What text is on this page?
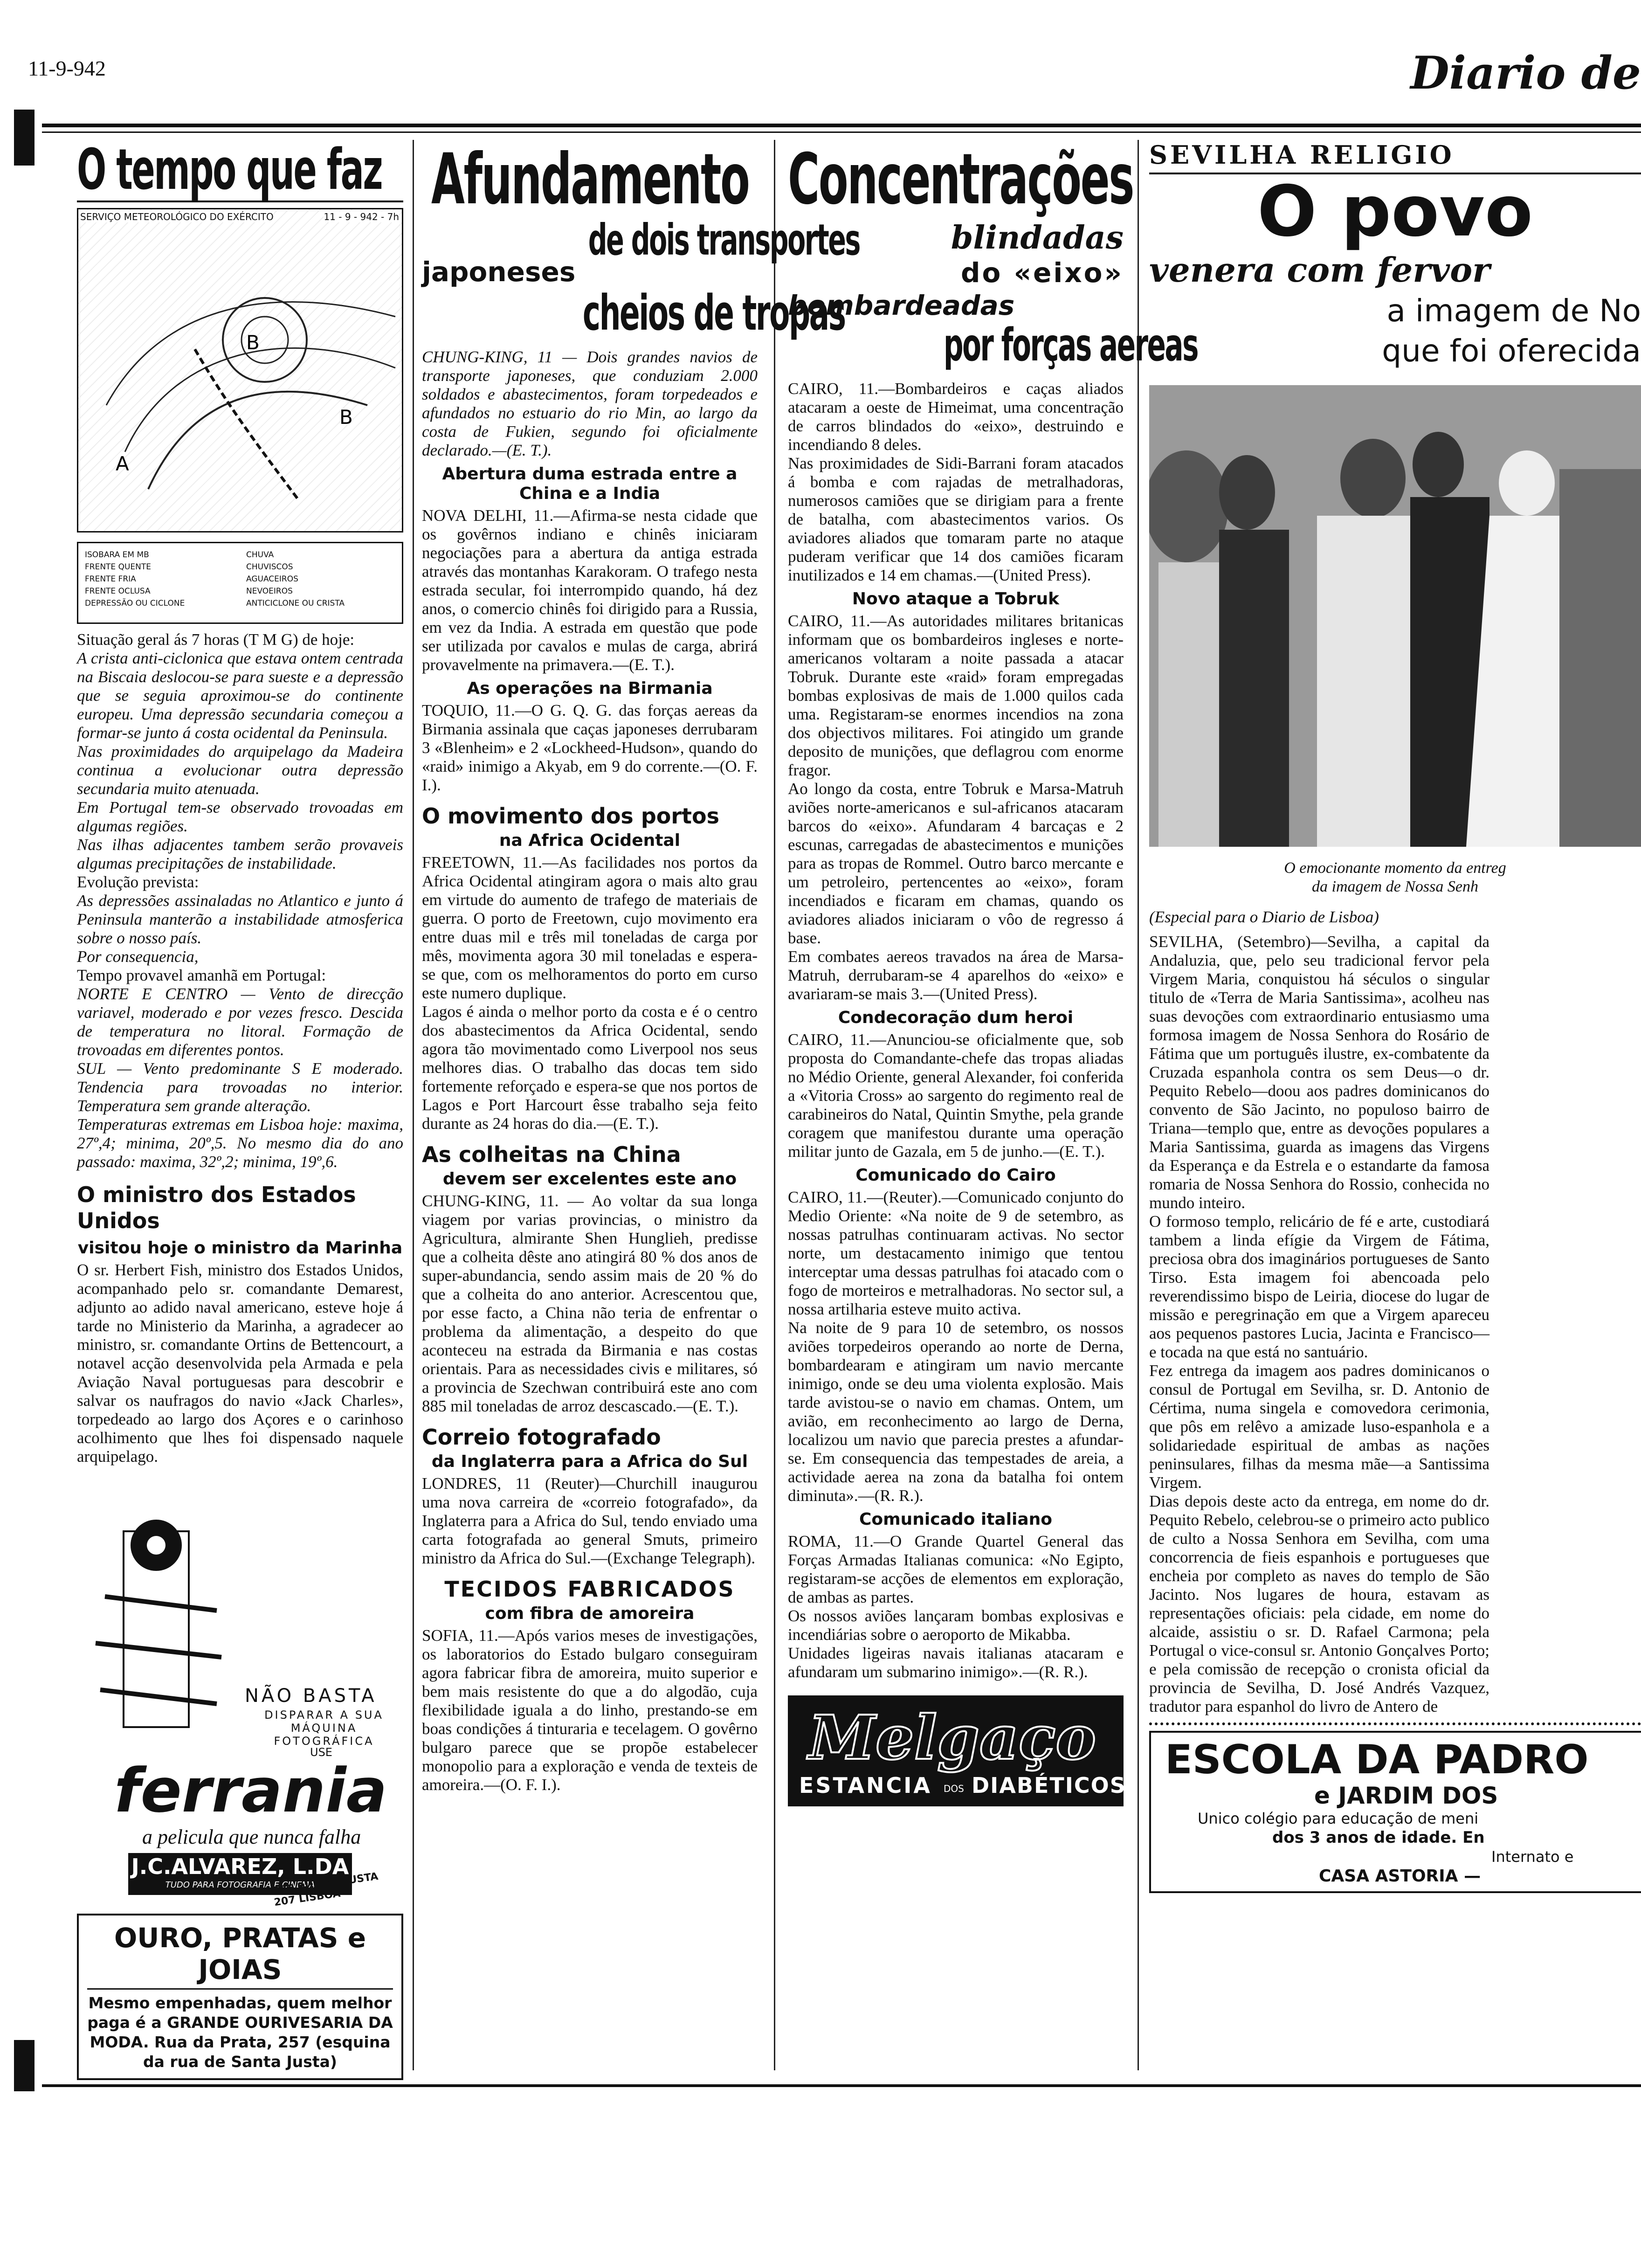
11-9-942	Diario de
O tempo que faz
SERVIÇO METEOROLÓGICO DO EXÉRCITO	11 - 9 - 942 - 7h
B
A
B
ISOBARA EM MB
FRENTE QUENTE
FRENTE FRIA
FRENTE OCLUSA
DEPRESSÃO OU CICLONE
CHUVA
CHUVISCOS
AGUACEIROS
NEVOEIROS
ANTICICLONE OU CRISTA

Situação geral ás 7 horas (T M G) de hoje:

A crista anti-ciclonica que estava ontem centrada na Biscaia deslocou-se para sueste e a depressão que se seguia aproximou-se do continente europeu. Uma depressão secundaria começou a formar-se junto á costa ocidental da Peninsula.

Nas proximidades do arquipelago da Madeira continua a evolucionar outra depressão secundaria muito atenuada.

Em Portugal tem-se observado trovoadas em algumas regiões.

Nas ilhas adjacentes tambem serão provaveis algumas precipitações de instabilidade.

Evolução prevista:

As depressões assinaladas no Atlantico e junto á Peninsula manterão a instabilidade atmosferica sobre o nosso país.

Por consequencia,

Tempo provavel amanhã em Portugal:

NORTE E CENTRO — Vento de direcção variavel, moderado e por vezes fresco. Descida de temperatura no litoral. Formação de trovoadas em diferentes pontos.

SUL — Vento predominante S E moderado. Tendencia para trovoadas no interior. Temperatura sem grande alteração.

Temperaturas extremas em Lisboa hoje: maxima, 27º,4; minima, 20º,5. No mesmo dia do ano passado: maxima, 32º,2; minima, 19º,6.

O ministro dos Estados Unidos
visitou hoje o ministro da Marinha

O sr. Herbert Fish, ministro dos Estados Unidos, acompanhado pelo sr. comandante Demarest, adjunto ao adido naval americano, esteve hoje á tarde no Ministerio da Marinha, a agradecer ao ministro, sr. comandante Ortins de Bettencourt, a notavel acção desenvolvida pela Armada e pela Aviação Naval portuguesas para descobrir e salvar os naufragos do navio «Jack Charles», torpedeado ao largo dos Açores e o carinhoso acolhimento que lhes foi dispensado naquele arquipelago.

NÃO BASTA
DISPARAR A SUA MÁQUINA FOTOGRÁFICA
USE
ferrania
a pelicula que nunca falha
J.C.ALVAREZ, L.DA
TUDO PARA FOTOGRAFIA E CINEMA
205 RUA AUGUSTA 207 LISBOA
OURO, PRATAS e JOIAS
Mesmo empenhadas, quem melhor paga é a GRANDE OURIVESARIA DA MODA. Rua da Prata, 257 (esquina da rua de Santa Justa)
Afundamento
de dois transportes
japoneses
cheios de tropas

CHUNG-KING, 11 — Dois grandes navios de transporte japoneses, que conduziam 2.000 soldados e abastecimentos, foram torpedeados e afundados no estuario do rio Min, ao largo da costa de Fukien, segundo foi oficialmente declarado.—(E. T.).

Abertura duma estrada entre a China e a India

NOVA DELHI, 11.—Afirma-se nesta cidade que os govêrnos indiano e chinês iniciaram negociações para a abertura da antiga estrada através das montanhas Karakoram. O trafego nesta estrada secular, foi interrompido quando, há dez anos, o comercio chinês foi dirigido para a Russia, em vez da India. A estrada em questão que pode ser utilizada por cavalos e mulas de carga, abrirá provavelmente na primavera.—(E. T.).

As operações na Birmania

TOQUIO, 11.—O G. Q. G. das forças aereas da Birmania assinala que caças japoneses derrubaram 3 «Blenheim» e 2 «Lockheed-Hudson», quando do «raid» inimigo a Akyab, em 9 do corrente.—(O. F. I.).

O movimento dos portos
na Africa Ocidental

FREETOWN, 11.—As facilidades nos portos da Africa Ocidental atingiram agora o mais alto grau em virtude do aumento de trafego de materiais de guerra. O porto de Freetown, cujo movimento era entre duas mil e três mil toneladas de carga por mês, movimenta agora 30 mil toneladas e espera-se que, com os melhoramentos do porto em curso este numero duplique.

Lagos é ainda o melhor porto da costa e é o centro dos abastecimentos da Africa Ocidental, sendo agora tão movimentado como Liverpool nos seus melhores dias. O trabalho das docas tem sido fortemente reforçado e espera-se que nos portos de Lagos e Port Harcourt êsse trabalho seja feito durante as 24 horas do dia.—(E. T.).

As colheitas na China
devem ser excelentes este ano

CHUNG-KING, 11. — Ao voltar da sua longa viagem por varias provincias, o ministro da Agricultura, almirante Shen Hunglieh, predisse que a colheita dêste ano atingirá 80 % dos anos de super-abundancia, sendo assim mais de 20 % do que a colheita do ano anterior. Acrescentou que, por esse facto, a China não teria de enfrentar o problema da alimentação, a despeito do que aconteceu na estrada da Birmania e nas costas orientais. Para as necessidades civis e militares, só a provincia de Szechwan contribuirá este ano com 885 mil toneladas de arroz descascado.—(E. T.).

Correio fotografado
da Inglaterra para a Africa do Sul

LONDRES, 11 (Reuter)—Churchill inaugurou uma nova carreira de «correio fotografado», da Inglaterra para a Africa do Sul, tendo enviado uma carta fotografada ao general Smuts, primeiro ministro da Africa do Sul.—(Exchange Telegraph).

TECIDOS FABRICADOS
com fibra de amoreira

SOFIA, 11.—Após varios meses de investigações, os laboratorios do Estado bulgaro conseguiram agora fabricar fibra de amoreira, muito superior e bem mais resistente do que a do algodão, cuja flexibilidade iguala a do linho, prestando-se em boas condições á tinturaria e tecelagem. O govêrno bulgaro parece que se propõe estabelecer monopolio para a exploração e venda de texteis de amoreira.—(O. F. I.).

Concentrações
blindadas
do «eixo»
bombardeadas
por forças aereas

CAIRO, 11.—Bombardeiros e caças aliados atacaram a oeste de Himeimat, uma concentração de carros blindados do «eixo», destruindo e incendiando 8 deles.

Nas proximidades de Sidi-Barrani foram atacados á bomba e com rajadas de metralhadoras, numerosos camiões que se dirigiam para a frente de batalha, com abastecimentos varios. Os aviadores aliados que tomaram parte no ataque puderam verificar que 14 dos camiões ficaram inutilizados e 14 em chamas.—(United Press).

Novo ataque a Tobruk

CAIRO, 11.—As autoridades militares britanicas informam que os bombardeiros ingleses e norte-americanos voltaram a noite passada a atacar Tobruk. Durante este «raid» foram empregadas bombas explosivas de mais de 1.000 quilos cada uma. Registaram-se enormes incendios na zona dos objectivos militares. Foi atingido um grande deposito de munições, que deflagrou com enorme fragor.

Ao longo da costa, entre Tobruk e Marsa-Matruh aviões norte-americanos e sul-africanos atacaram barcos do «eixo». Afundaram 4 barcaças e 2 escunas, carregadas de abastecimentos e munições para as tropas de Rommel. Outro barco mercante e um petroleiro, pertencentes ao «eixo», foram incendiados e ficaram em chamas, quando os aviadores aliados iniciaram o vôo de regresso á base.

Em combates aereos travados na área de Marsa-Matruh, derrubaram-se 4 aparelhos do «eixo» e avariaram-se mais 3.—(United Press).

Condecoração dum heroi

CAIRO, 11.—Anunciou-se oficialmente que, sob proposta do Comandante-chefe das tropas aliadas no Médio Oriente, general Alexander, foi conferida a «Vitoria Cross» ao sargento do regimento real de carabineiros do Natal, Quintin Smythe, pela grande coragem que manifestou durante uma operação militar junto de Gazala, em 5 de junho.—(E. T.).

Comunicado do Cairo

CAIRO, 11.—(Reuter).—Comunicado conjunto do Medio Oriente: «Na noite de 9 de setembro, as nossas patrulhas continuaram activas. No sector norte, um destacamento inimigo que tentou interceptar uma dessas patrulhas foi atacado com o fogo de morteiros e metralhadoras. No sector sul, a nossa artilharia esteve muito activa.

Na noite de 9 para 10 de setembro, os nossos aviões torpedeiros operando ao norte de Derna, bombardearam e atingiram um navio mercante inimigo, onde se deu uma violenta explosão. Mais tarde avistou-se o navio em chamas. Ontem, um avião, em reconhecimento ao largo de Derna, localizou um navio que parecia prestes a afundar-se. Em consequencia das tempestades de areia, a actividade aerea na zona da batalha foi ontem diminuta».—(R. R.).

Comunicado italiano

ROMA, 11.—O Grande Quartel General das Forças Armadas Italianas comunica: «No Egipto, registaram-se acções de elementos em exploração, de ambas as partes.

Os nossos aviões lançaram bombas explosivas e incendiárias sobre o aeroporto de Mikabba.

Unidades ligeiras navais italianas atacaram e afundaram um submarino inimigo».—(R. R.).

Melgaço
ESTANCIA DOS DIABÉTICOS
SEVILHA RELIGIO
O povo
venera com fervor
a imagem de No
que foi oferecida
O emocionante momento da entreg
da imagem de Nossa Senh
(Especial para o Diario de Lisboa)

SEVILHA, (Setembro)—Sevilha, a capital da Andaluzia, que, pelo seu tradicional fervor pela Virgem Maria, conquistou há séculos o singular titulo de «Terra de Maria Santissima», acolheu nas suas devoções com extraordinario entusiasmo uma formosa imagem de Nossa Senhora do Rosário de Fátima que um português ilustre, ex-combatente da Cruzada espanhola contra os sem Deus—o dr. Pequito Rebelo—doou aos padres dominicanos do convento de São Jacinto, no populoso bairro de Triana—templo que, entre as devoções populares a Maria Santissima, guarda as imagens das Virgens da Esperança e da Estrela e o estandarte da famosa romaria de Nossa Senhora do Rossio, conhecida no mundo inteiro.

O formoso templo, relicário de fé e arte, custodiará tambem a linda efígie da Virgem de Fátima, preciosa obra dos imaginários portugueses de Santo Tirso. Esta imagem foi abencoada pelo reverendissimo bispo de Leiria, diocese do lugar de missão e peregrinação em que a Virgem apareceu aos pequenos pastores Lucia, Jacinta e Francisco—e tocada na que está no santuário.

Fez entrega da imagem aos padres dominicanos o consul de Portugal em Sevilha, sr. D. Antonio de Cértima, numa singela e comovedora cerimonia, que pôs em relêvo a amizade luso-espanhola e a solidariedade espiritual de ambas as nações peninsulares, filhas da mesma mãe—a Santissima Virgem.

Dias depois deste acto da entrega, em nome do dr. Pequito Rebelo, celebrou-se o primeiro acto publico de culto a Nossa Senhora em Sevilha, com uma concorrencia de fieis espanhois e portugueses que encheia por completo as naves do templo de São Jacinto. Nos lugares de houra, estavam as representações oficiais: pela cidade, em nome do alcaide, assistiu o sr. D. Rafael Carmona; pela Portugal o vice-consul sr. Antonio Gonçalves Porto; e pela comissão de recepção o cronista oficial da provincia de Sevilha, D. José Andrés Vazquez, tradutor para espanhol do livro de Antero de

ESCOLA DA PADRO
e JARDIM DOS
Unico colégio para educação de meni
dos 3 anos de idade. En
Internato e
CASA ASTORIA —
